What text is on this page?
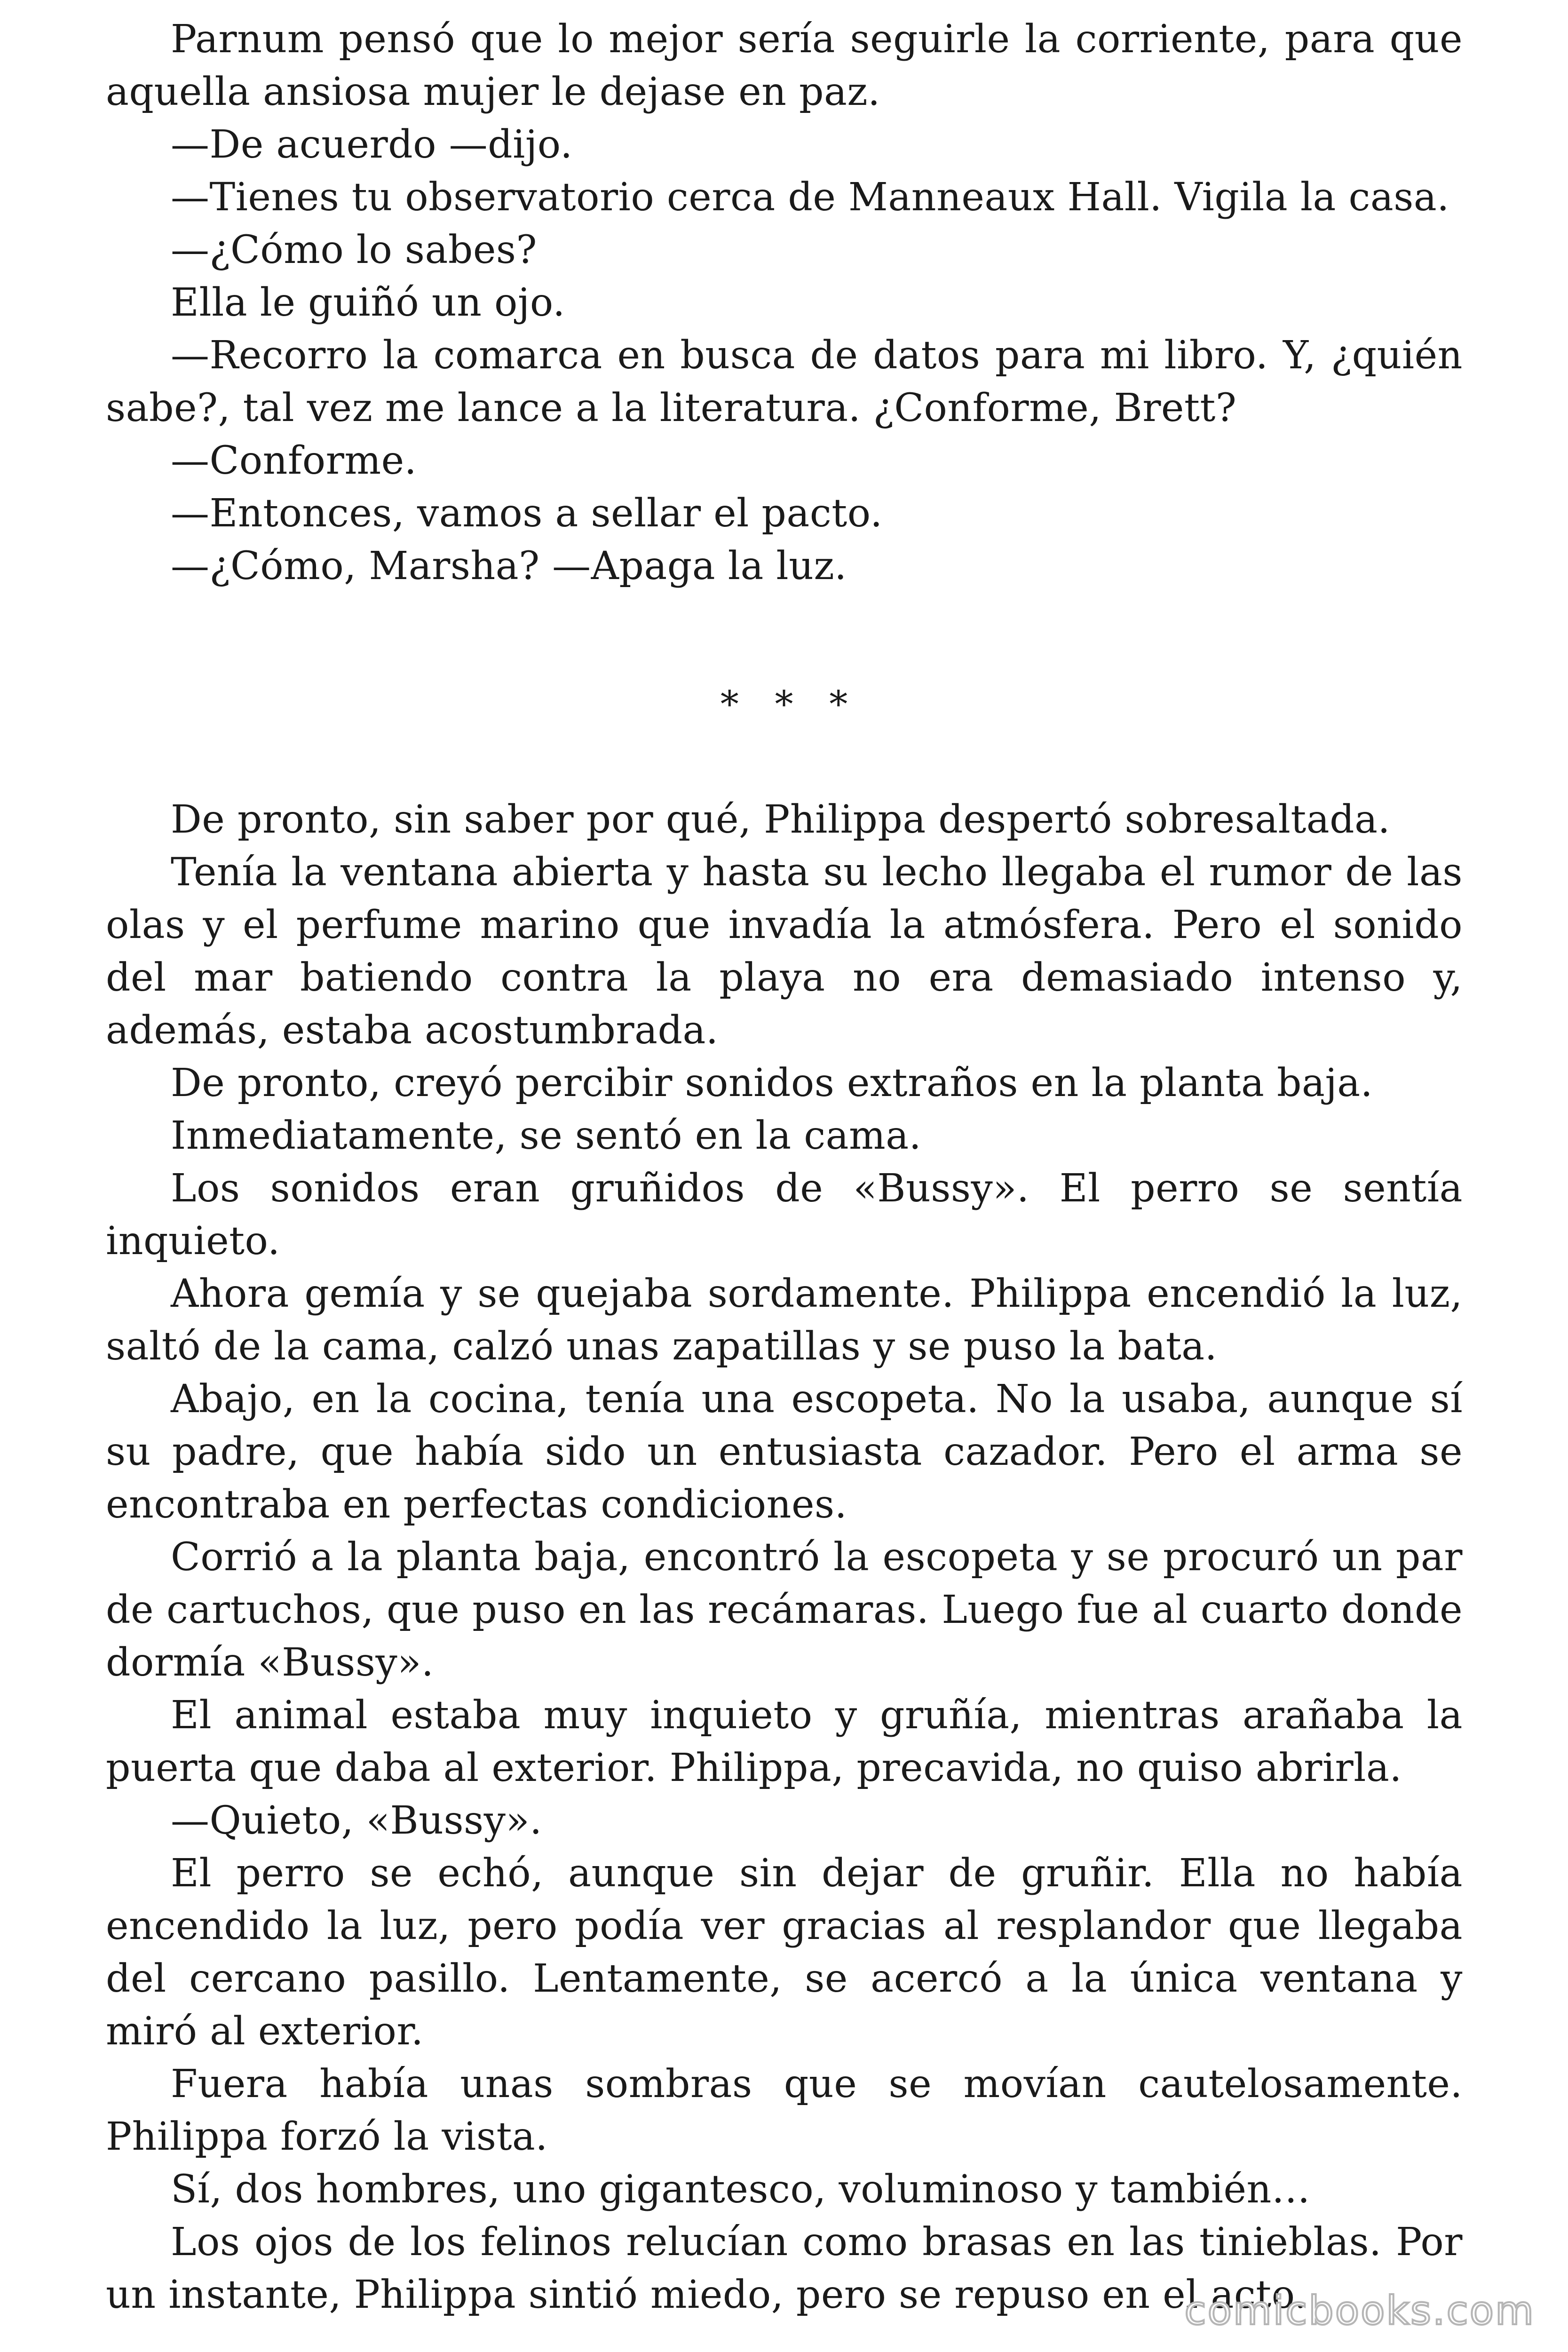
Parnum pensó que lo mejor sería seguirle la corriente, para que aquella ansiosa mujer le dejase en paz.

—De acuerdo —dijo.

—Tienes tu observatorio cerca de Manneaux Hall. Vigila la casa.

—¿Cómo lo sabes?

Ella le guiñó un ojo.

—Recorro la comarca en busca de datos para mi libro. Y, ¿quién sabe?, tal vez me lance a la literatura. ¿Conforme, Brett?

—Conforme.

—Entonces, vamos a sellar el pacto.

—¿Cómo, Marsha? —Apaga la luz.

* * *

De pronto, sin saber por qué, Philippa despertó sobresaltada.

Tenía la ventana abierta y hasta su lecho llegaba el rumor de las olas y el perfume marino que invadía la atmósfera. Pero el sonido del mar batiendo contra la playa no era demasiado intenso y, además, estaba acostumbrada.

De pronto, creyó percibir sonidos extraños en la planta baja.

Inmediatamente, se sentó en la cama.

Los sonidos eran gruñidos de «Bussy». El perro se sentía inquieto.

Ahora gemía y se quejaba sordamente. Philippa encendió la luz, saltó de la cama, calzó unas zapatillas y se puso la bata.

Abajo, en la cocina, tenía una escopeta. No la usaba, aunque sí su padre, que había sido un entusiasta cazador. Pero el arma se encontraba en perfectas condiciones.

Corrió a la planta baja, encontró la escopeta y se procuró un par de cartuchos, que puso en las recámaras. Luego fue al cuarto donde dormía «Bussy».

El animal estaba muy inquieto y gruñía, mientras arañaba la puerta que daba al exterior. Philippa, precavida, no quiso abrirla.

—Quieto, «Bussy».

El perro se echó, aunque sin dejar de gruñir. Ella no había encendido la luz, pero podía ver gracias al resplandor que llegaba del cercano pasillo. Lentamente, se acercó a la única ventana y miró al exterior.

Fuera había unas sombras que se movían cautelosamente. Philippa forzó la vista.

Sí, dos hombres, uno gigantesco, voluminoso y también…

Los ojos de los felinos relucían como brasas en las tinieblas. Por un instante, Philippa sintió miedo, pero se repuso en el acto.

comicbooks.com
